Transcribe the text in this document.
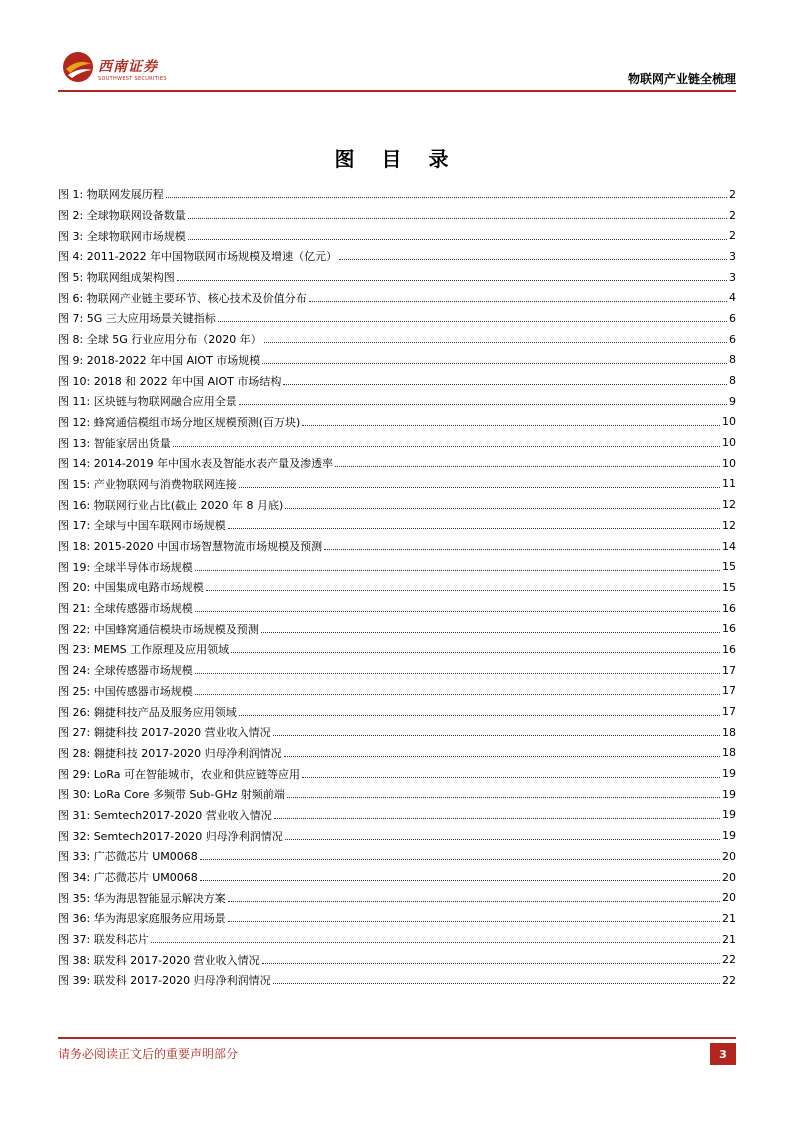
西南证券
SOUTHWEST SECURITIES	物联网产业链全梳理
图 目 录
图 1: 物联网发展历程	2
图 2: 全球物联网设备数量	2
图 3: 全球物联网市场规模	2
图 4: 2011-2022 年中国物联网市场规模及增速（亿元）	3
图 5: 物联网组成架构图	3
图 6: 物联网产业链主要环节、核心技术及价值分布	4
图 7: 5G 三大应用场景关键指标	6
图 8: 全球 5G 行业应用分布（2020 年）	6
图 9: 2018-2022 年中国 AIOT 市场规模	8
图 10: 2018 和 2022 年中国 AIOT 市场结构	8
图 11: 区块链与物联网融合应用全景	9
图 12: 蜂窝通信模组市场分地区规模预测(百万块)	10
图 13: 智能家居出货量	10
图 14: 2014-2019 年中国水表及智能水表产量及渗透率	10
图 15: 产业物联网与消费物联网连接	11
图 16: 物联网行业占比(截止 2020 年 8 月底)	12
图 17: 全球与中国车联网市场规模	12
图 18: 2015-2020 中国市场智慧物流市场规模及预测	14
图 19: 全球半导体市场规模	15
图 20: 中国集成电路市场规模	15
图 21: 全球传感器市场规模	16
图 22: 中国蜂窝通信模块市场规模及预测	16
图 23: MEMS 工作原理及应用领域	16
图 24: 全球传感器市场规模	17
图 25: 中国传感器市场规模	17
图 26: 翱捷科技产品及服务应用领域	17
图 27: 翱捷科技 2017-2020 营业收入情况	18
图 28: 翱捷科技 2017-2020 归母净利润情况	18
图 29: LoRa 可在智能城市，农业和供应链等应用	19
图 30: LoRa Core 多频带 Sub-GHz 射频前端	19
图 31: Semtech2017-2020 营业收入情况	19
图 32: Semtech2017-2020 归母净利润情况	19
图 33: 广芯微芯片 UM0068	20
图 34: 广芯微芯片 UM0068	20
图 35: 华为海思智能显示解决方案	20
图 36: 华为海思家庭服务应用场景	21
图 37: 联发科芯片	21
图 38: 联发科 2017-2020 营业收入情况	22
图 39: 联发科 2017-2020 归母净利润情况	22
请务必阅读正文后的重要声明部分	3
